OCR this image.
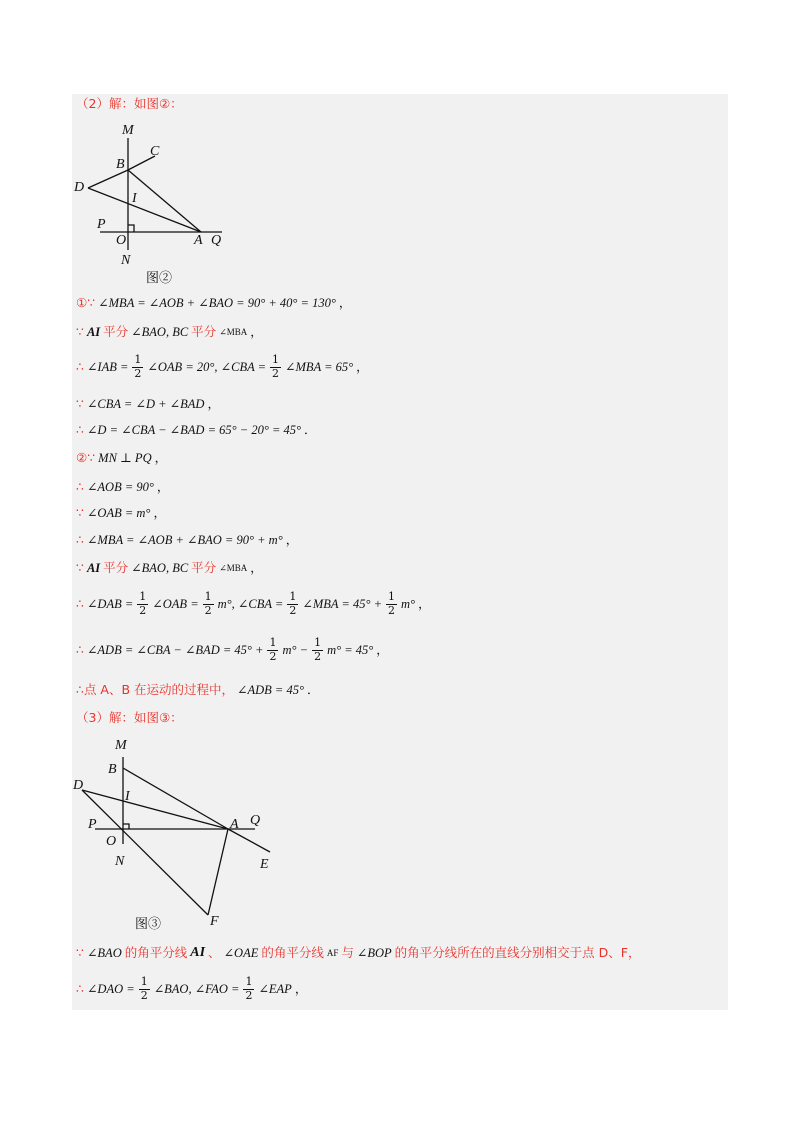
（2）解：如图②：
M
C
B
D
I
P
O	A Q
N
图②
①∵ ∠MBA = ∠AOB + ∠BAO = 90° + 40° = 130° ，
∵ AI 平分 ∠BAO, BC 平分 ∠MBA ，
∴ ∠IAB = $\frac{1}{2}$ ∠OAB = 20°, ∠CBA = $\frac{1}{2}$ ∠MBA = 65° ，
∵ ∠CBA = ∠D + ∠BAD ，
∴ ∠D = ∠CBA − ∠BAD = 65° − 20° = 45° ．
②∵ MN ⊥ PQ ，
∴ ∠AOB = 90° ，
∵ ∠OAB = m° ，
∴ ∠MBA = ∠AOB + ∠BAO = 90° + m° ，
∵ AI 平分 ∠BAO, BC 平分 ∠MBA ，
∴ ∠DAB = $\frac{1}{2}$ ∠OAB = $\frac{1}{2} m^\circ$, ∠CBA = $\frac{1}{2}$ ∠MBA = $45^\circ + \frac{1}{2} m^\circ$ ，
∴ ∠ADB = ∠CBA − ∠BAD = $45^\circ + \frac{1}{2} m^\circ - \frac{1}{2} m^\circ = 45^\circ$ ，
∴点 A、B 在运动的过程中， ∠ADB = 45° ．
（3）解：如图③：
M
B
D
I
P	A Q
O
N	E
F
图③
∵ ∠BAO 的角平分线 AI 、 ∠OAE 的角平分线 AF 与 ∠BOP 的角平分线所在的直线分别相交于点 D、F，
∴ ∠DAO = $\frac{1}{2}$ ∠BAO, ∠FAO = $\frac{1}{2}$ ∠EAP ，
